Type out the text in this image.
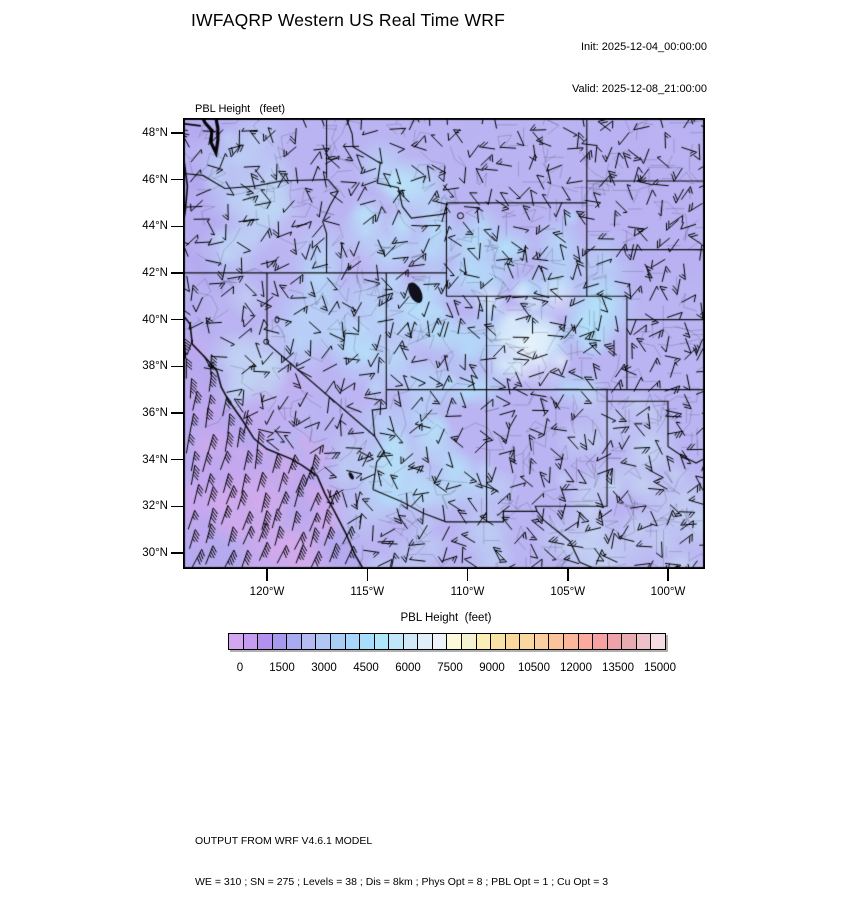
IWFAQRP Western US Real Time WRF

Init: 2025-12-04_00:00:00

Valid: 2025-12-08_21:00:00

PBL Height   (feet)

48°N
46°N
44°N
42°N
40°N
38°N
36°N
34°N
32°N
30°N
120°W	115°W	110°W	105°W	100°W
PBL Height  (feet)
0	1500	3000	4500	6000	7500	9000	10500 12000 13500 15000

OUTPUT FROM WRF V4.6.1 MODEL

WE = 310 ; SN = 275 ; Levels = 38 ; Dis = 8km ; Phys Opt = 8 ; PBL Opt = 1 ; Cu Opt = 3
